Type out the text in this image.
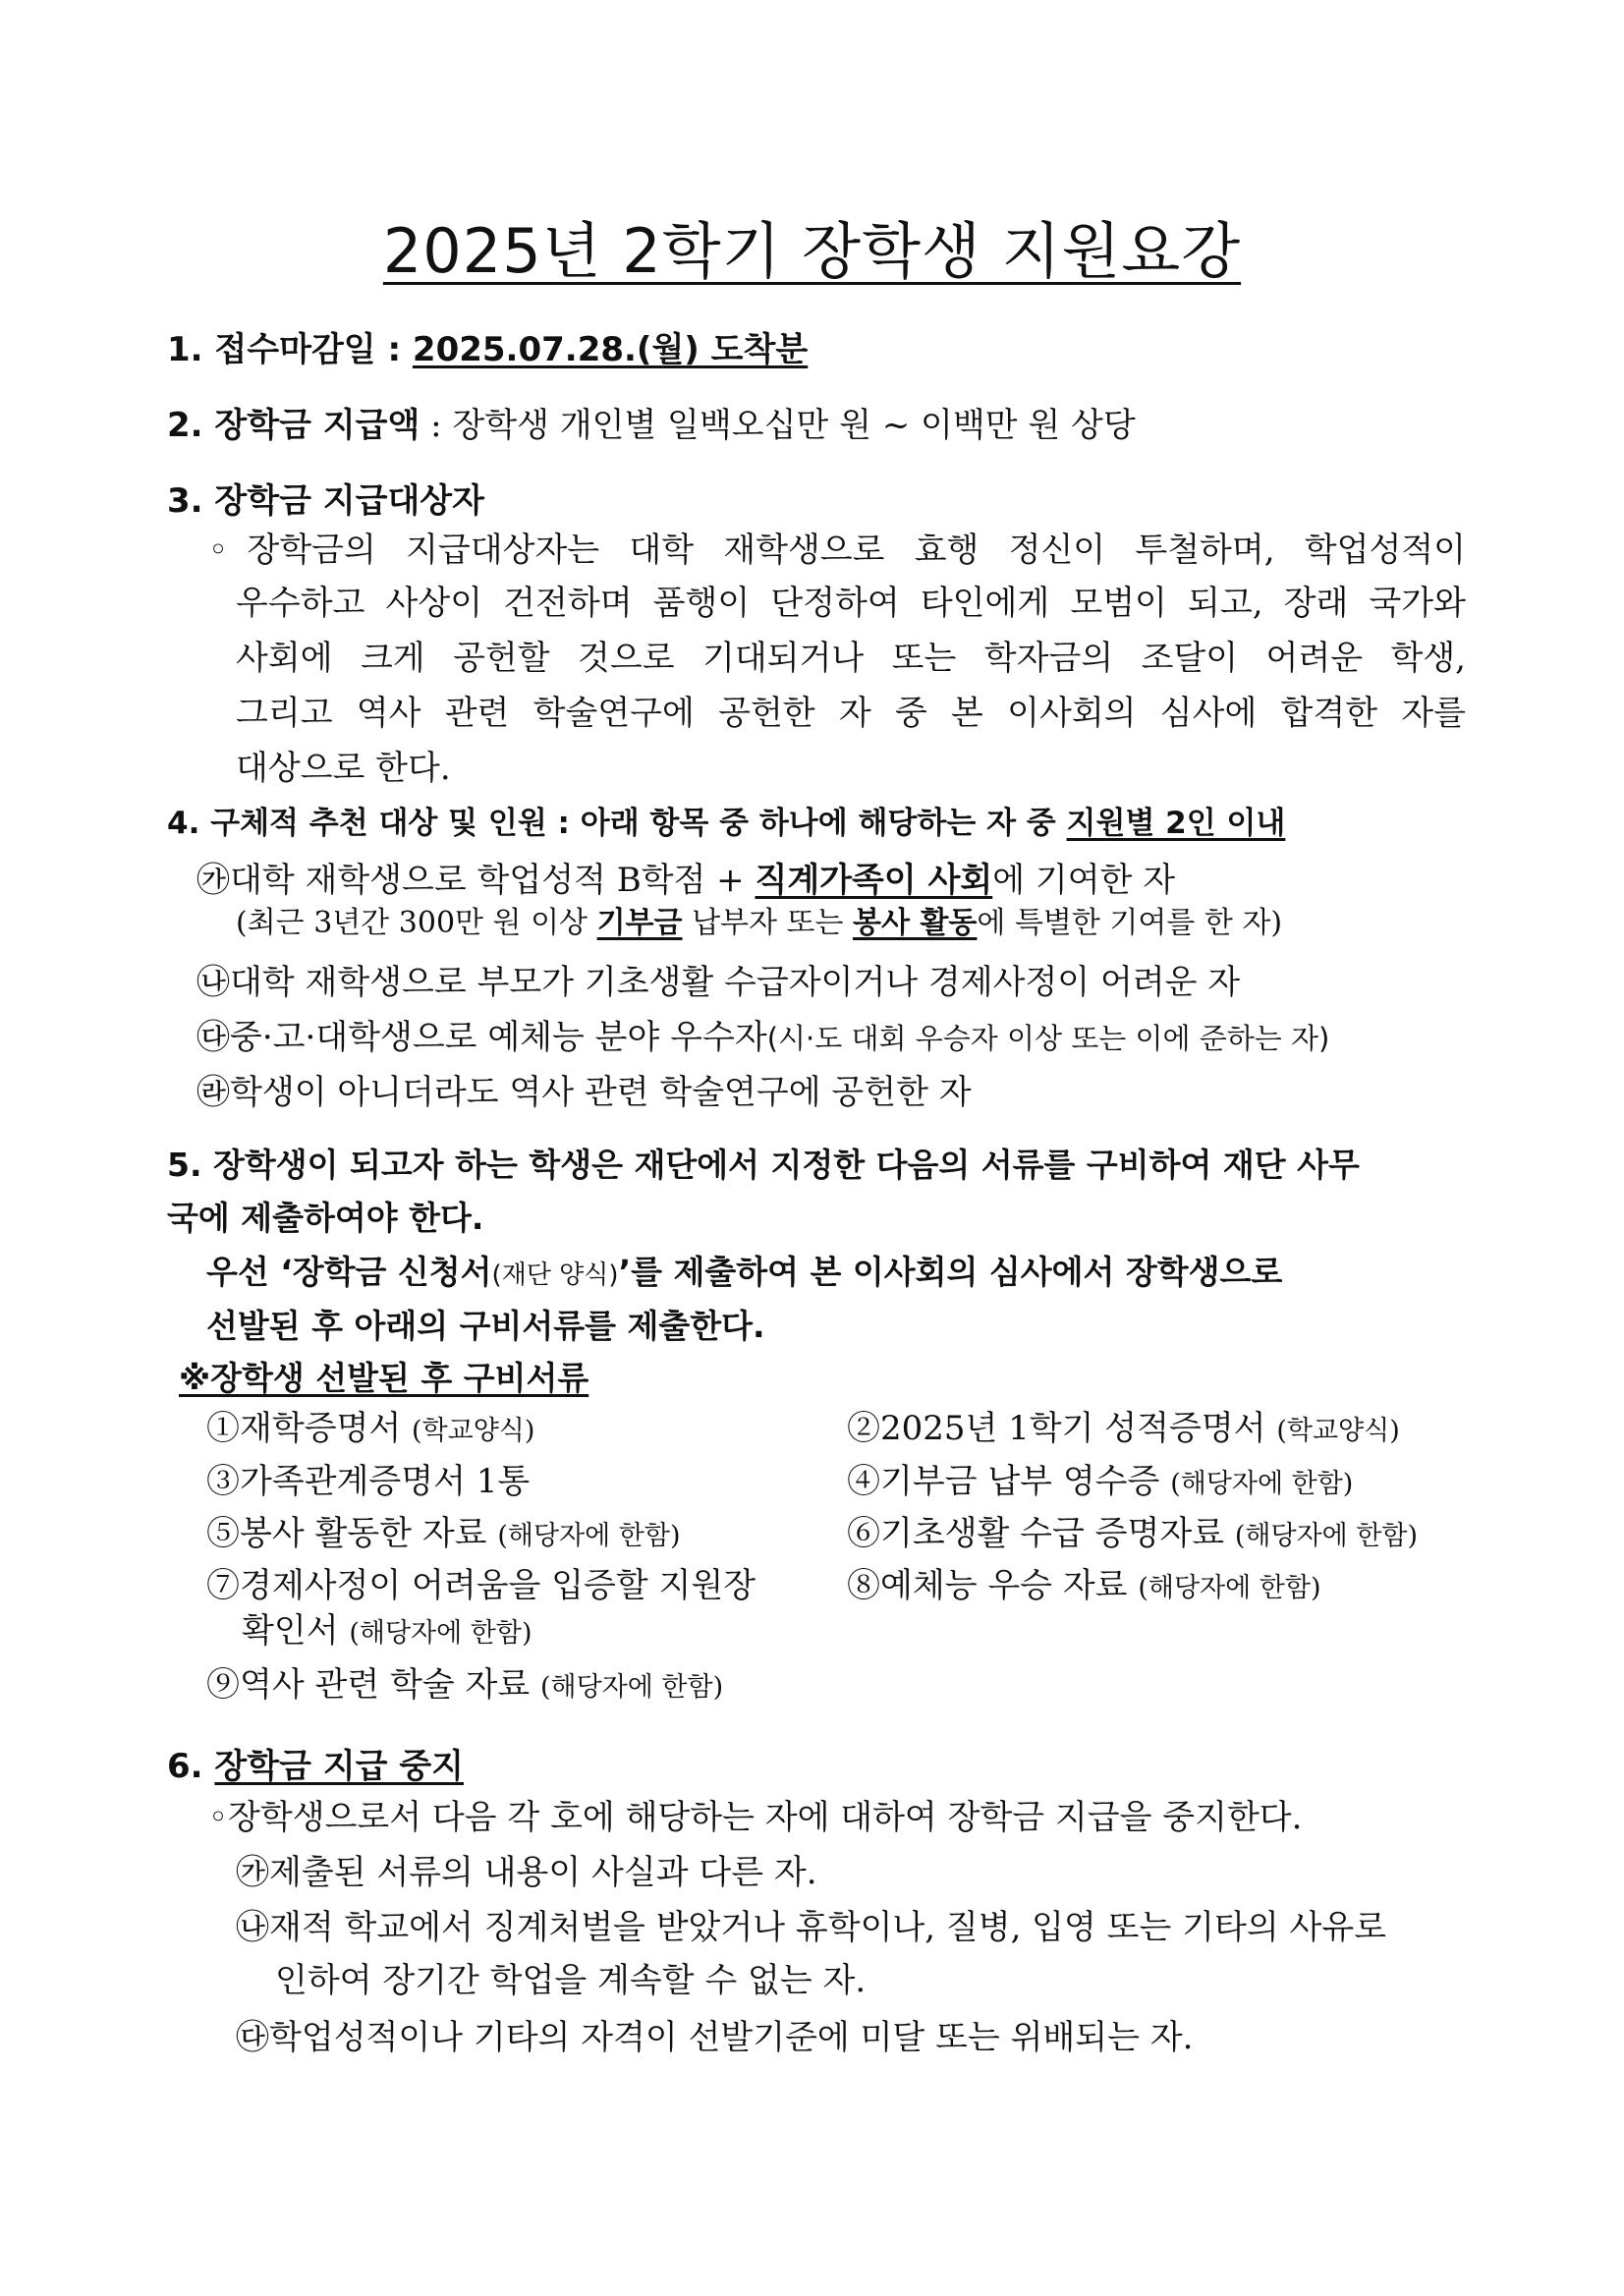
2025년 2학기 장학생 지원요강
1. 접수마감일 : 2025.07.28.(월) 도착분
2. 장학금 지급액 : 장학생 개인별 일백오십만 원 ~ 이백만 원 상당
3. 장학금 지급대상자
◦장학금의 지급대상자는 대학 재학생으로 효행 정신이 투철하며, 학업성적이
우수하고 사상이 건전하며 품행이 단정하여 타인에게 모범이 되고, 장래 국가와
사회에 크게 공헌할 것으로 기대되거나 또는 학자금의 조달이 어려운 학생,
그리고 역사 관련 학술연구에 공헌한 자 중 본 이사회의 심사에 합격한 자를
대상으로 한다.
4. 구체적 추천 대상 및 인원 : 아래 항목 중 하나에 해당하는 자 중 지원별 2인 이내
㉮대학 재학생으로 학업성적 B학점 + 직계가족이 사회에 기여한 자
(최근 3년간 300만 원 이상 기부금 납부자 또는 봉사 활동에 특별한 기여를 한 자)
㉯대학 재학생으로 부모가 기초생활 수급자이거나 경제사정이 어려운 자
㉰중·고·대학생으로 예체능 분야 우수자(시·도 대회 우승자 이상 또는 이에 준하는 자)
㉱학생이 아니더라도 역사 관련 학술연구에 공헌한 자
5. 장학생이 되고자 하는 학생은 재단에서 지정한 다음의 서류를 구비하여 재단 사무
국에 제출하여야 한다.
우선 ‘장학금 신청서(재단 양식)’를 제출하여 본 이사회의 심사에서 장학생으로
선발된 후 아래의 구비서류를 제출한다.
※장학생 선발된 후 구비서류
①재학증명서 (학교양식)	②2025년 1학기 성적증명서 (학교양식)
③가족관계증명서 1통	④기부금 납부 영수증 (해당자에 한함)
⑤봉사 활동한 자료 (해당자에 한함)	⑥기초생활 수급 증명자료 (해당자에 한함)
⑦경제사정이 어려움을 입증할 지원장	⑧예체능 우승 자료 (해당자에 한함)
확인서 (해당자에 한함)
⑨역사 관련 학술 자료 (해당자에 한함)
6. 장학금 지급 중지
◦장학생으로서 다음 각 호에 해당하는 자에 대하여 장학금 지급을 중지한다.
㉮제출된 서류의 내용이 사실과 다른 자.
㉯재적 학교에서 징계처벌을 받았거나 휴학이나, 질병, 입영 또는 기타의 사유로
인하여 장기간 학업을 계속할 수 없는 자.
㉰학업성적이나 기타의 자격이 선발기준에 미달 또는 위배되는 자.
